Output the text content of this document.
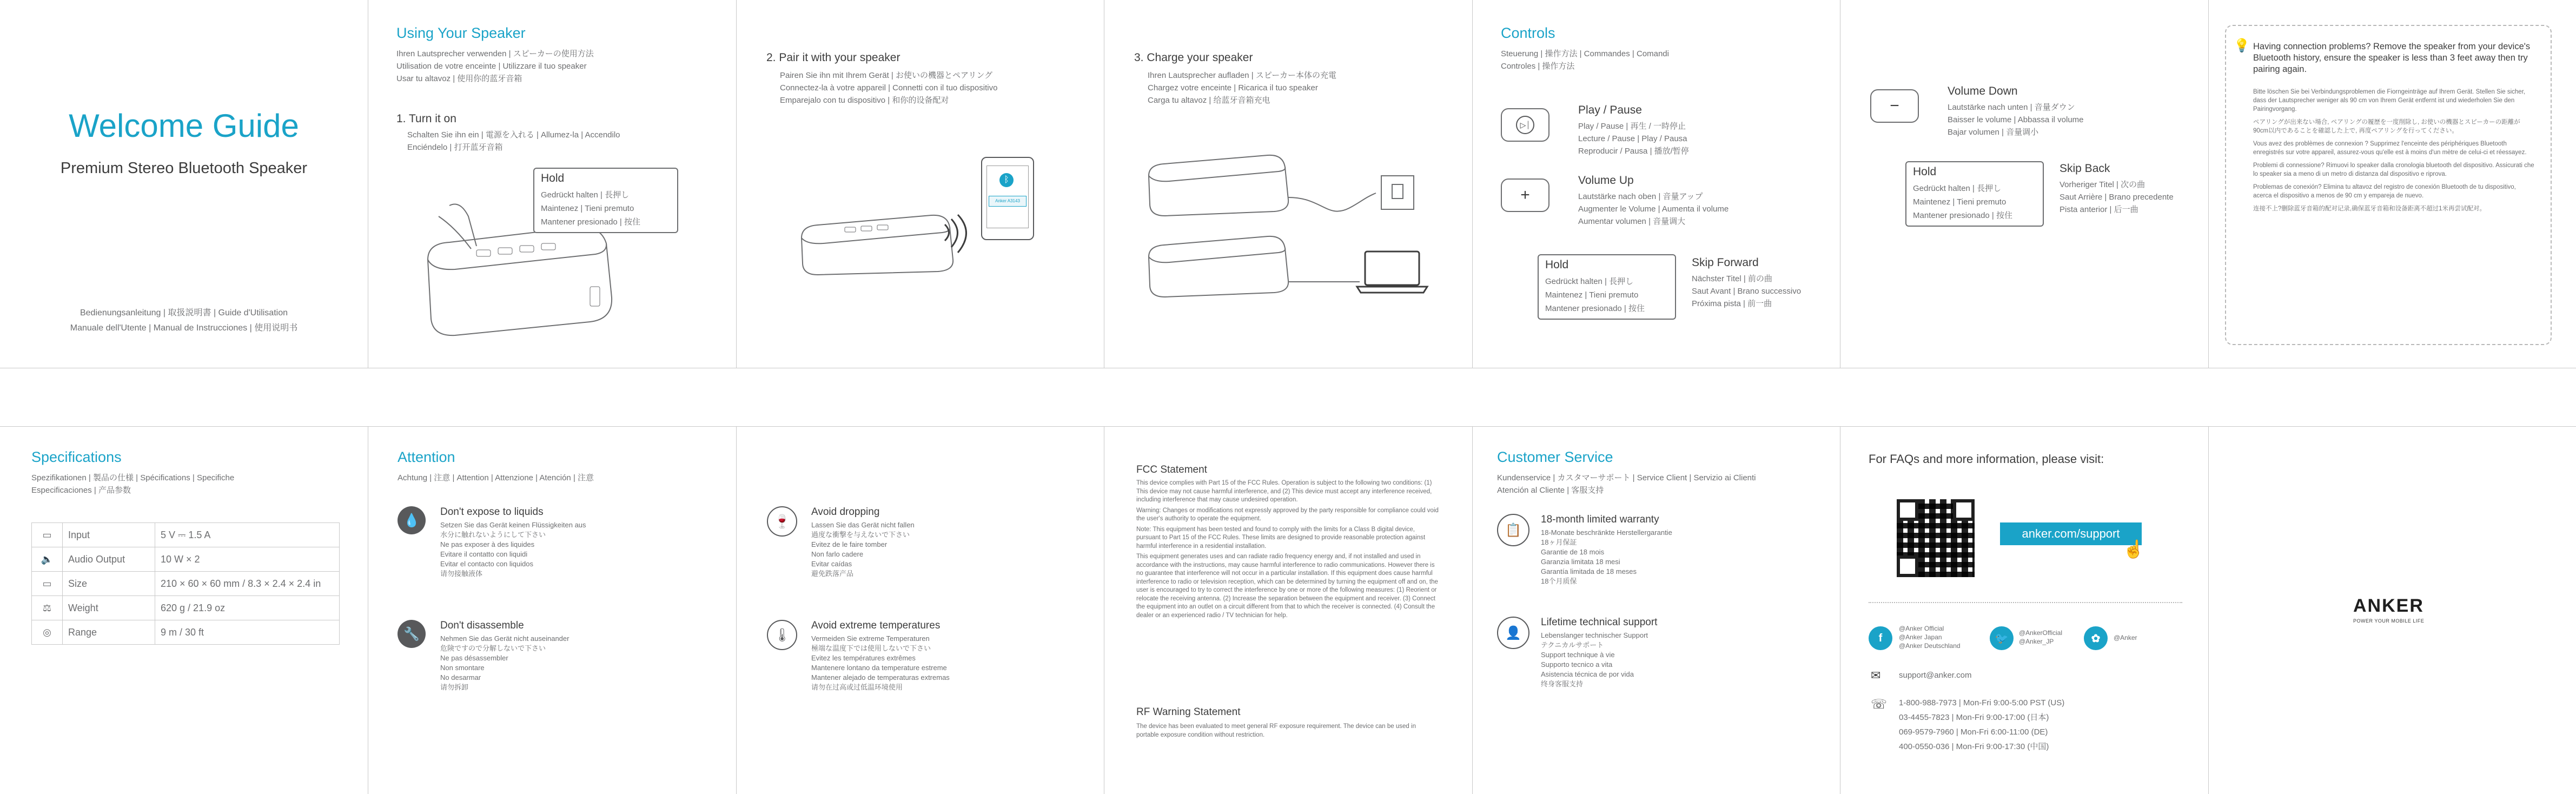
Welcome Guide
Premium Stereo Bluetooth Speaker
Bedienungsanleitung | 取扱説明書 | Guide d'Utilisation
Manuale dell'Utente | Manual de Instrucciones | 使用说明书
Using Your Speaker
Ihren Lautsprecher verwenden | スピーカーの使用方法
Utilisation de votre enceinte | Utilizzare il tuo speaker
Usar tu altavoz | 使用你的蓝牙音箱
1. Turn it on
Schalten Sie ihn ein | 電源を入れる | Allumez-la | Accendilo
Enciéndelo | 打开蓝牙音箱
Hold
Gedrückt halten | 長押し
Maintenez | Tieni premuto
Mantener presionado | 按住
2. Pair it with your speaker
Pairen Sie ihn mit Ihrem Gerät | お使いの機器とペアリング
Connectez-la à votre appareil | Connetti con il tuo dispositivo
Emparejalo con tu dispositivo | 和你的设备配对
ᛒ
Anker A3143
3. Charge your speaker
Ihren Lautsprecher aufladen | スピーカー本体の充電
Chargez votre enceinte | Ricarica il tuo speaker
Carga tu altavoz | 给蓝牙音箱充电
Controls
Steuerung | 操作方法 | Commandes | Comandi
Controles | 操作方法
▷⏐
Play / Pause
Play / Pause | 再生 / 一時停止
Lecture / Pause | Play / Pausa
Reproducir / Pausa | 播放/暂停
+
Volume Up
Lautstärke nach oben | 音量アップ
Augmenter le Volume | Aumenta il volume
Aumentar volumen | 音量调大
Hold
Gedrückt halten | 長押し
Maintenez | Tieni premuto
Mantener presionado | 按住
Skip Forward
Nächster Titel | 前の曲
Saut Avant | Brano successivo
Próxima pista | 前一曲
−
Volume Down
Lautstärke nach unten | 音量ダウン
Baisser le volume | Abbassa il volume
Bajar volumen | 音量调小
Hold
Gedrückt halten | 長押し
Maintenez | Tieni premuto
Mantener presionado | 按住
Skip Back
Vorheriger Titel | 次の曲
Saut Arrière | Brano precedente
Pista anterior | 后一曲
💡 Having connection problems? Remove the speaker from your device's Bluetooth history, ensure the speaker is less than 3 feet away then try pairing again.
Bitte löschen Sie bei Verbindungsproblemen die Fiorngeinträge auf Ihrem Gerät. Stellen Sie sicher, dass der Lautsprecher weniger als 90 cm von Ihrem Gerät entfernt ist und wiederholen Sie den Pairingvorgang.
ペアリングが出来ない場合, ペアリングの履歴を一度削除し, お使いの機器とスピーカーの距離が90cm以内であることを確認した上で, 再度ペアリングを行ってください。
Vous avez des problèmes de connexion ? Supprimez l'enceinte des périphériques Bluetooth enregistrés sur votre appareil, assurez-vous qu'elle est à moins d'un mètre de celui-ci et réessayez.
Problemi di connessione? Rimuovi lo speaker dalla cronologia bluetooth del dispositivo. Assicurati che lo speaker sia a meno di un metro di distanza dal dispositivo e riprova.
Problemas de conexión? Elimina tu altavoz del registro de conexión Bluetooth de tu dispositivo, acerca el dispositivo a menos de 90 cm y empareja de nuevo.
连接不上?删除蓝牙音箱的配对记录,确保蓝牙音箱和设备距离不超过1米再尝试配对。
Specifications
Spezifikationen | 製品の仕様 | Spécifications | Specifiche
Especificaciones | 产品参数
▭	Input	5 V ⎓ 1.5 A
🔈	Audio Output	10 W × 2
▭	Size	210 × 60 × 60 mm / 8.3 × 2.4 × 2.4 in
⚖	Weight	620 g / 21.9 oz
◎	Range	9 m / 30 ft
Attention
Achtung | 注意 | Attention | Attenzione | Atención | 注意
💧
Don't expose to liquids
Setzen Sie das Gerät keinen Flüssigkeiten aus
水分に触れないようにして下さい
Ne pas exposer à des liquides
Evitare il contatto con liquidi
Evitar el contacto con liquidos
请勿接触液体
🔧
Don't disassemble
Nehmen Sie das Gerät nicht auseinander
危険ですので分解しないで下さい
Ne pas désassembler
Non smontare
No desarmar
请勿拆卸
🍷
Avoid dropping
Lassen Sie das Gerät nicht fallen
過度な衝撃を与えないで下さい
Evitez de le faire tomber
Non farlo cadere
Evitar caídas
避免跌落产品
🌡
Avoid extreme temperatures
Vermeiden Sie extreme Temperaturen
極端な温度下では使用しないで下さい
Evitez les températures extrêmes
Mantenere lontano da temperature estreme
Mantener alejado de temperaturas extremas
请勿在过高或过低温环境使用
FCC Statement
This device complies with Part 15 of the FCC Rules. Operation is subject to the following two conditions: (1) This device may not cause harmful interference, and (2) This device must accept any interference received, including interference that may cause undesired operation.
Warning: Changes or modifications not expressly approved by the party responsible for compliance could void the user's authority to operate the equipment.
Note: This equipment has been tested and found to comply with the limits for a Class B digital device, pursuant to Part 15 of the FCC Rules. These limits are designed to provide reasonable protection against harmful interference in a residential installation.
This equipment generates uses and can radiate radio frequency energy and, if not installed and used in accordance with the instructions, may cause harmful interference to radio communications. However there is no guarantee that interference will not occur in a particular installation. If this equipment does cause harmful interference to radio or television reception, which can be determined by turning the equipment off and on, the user is encouraged to try to correct the interference by one or more of the following measures: (1) Reorient or relocate the receiving antenna. (2) Increase the separation between the equipment and receiver. (3) Connect the equipment into an outlet on a circuit different from that to which the receiver is connected. (4) Consult the dealer or an experienced radio / TV technician for help.
RF Warning Statement
The device has been evaluated to meet general RF exposure requirement. The device can be used in portable exposure condition without restriction.
Customer Service
Kundenservice | カスタマーサポート | Service Client | Servizio ai Clienti
Atención al Cliente | 客服支持
📋
18-month limited warranty
18-Monate beschränkte Herstellergarantie
18ヶ月保証
Garantie de 18 mois
Garanzia limitata 18 mesi
Garantía limitada de 18 meses
18个月质保
👤
Lifetime technical support
Lebenslanger technischer Support
テクニカルサポート
Support technique à vie
Supporto tecnico a vita
Asistencia técnica de por vida
终身客服支持
For FAQs and more information, please visit:
anker.com/support
☝
f
@Anker Official
@Anker Japan
@Anker Deutschland
🐦	@AnkerOfficial
@Anker_JP	✿	@Anker
✉ support@anker.com
☏ 1-800-988-7973 | Mon-Fri 9:00-5:00 PST (US)
03-4455-7823 | Mon-Fri 9:00-17:00 (日本)
069-9579-7960 | Mon-Fri 6:00-11:00 (DE)
400-0550-036 | Mon-Fri 9:00-17:30 (中国)
ANKER
POWER YOUR MOBILE LIFE
